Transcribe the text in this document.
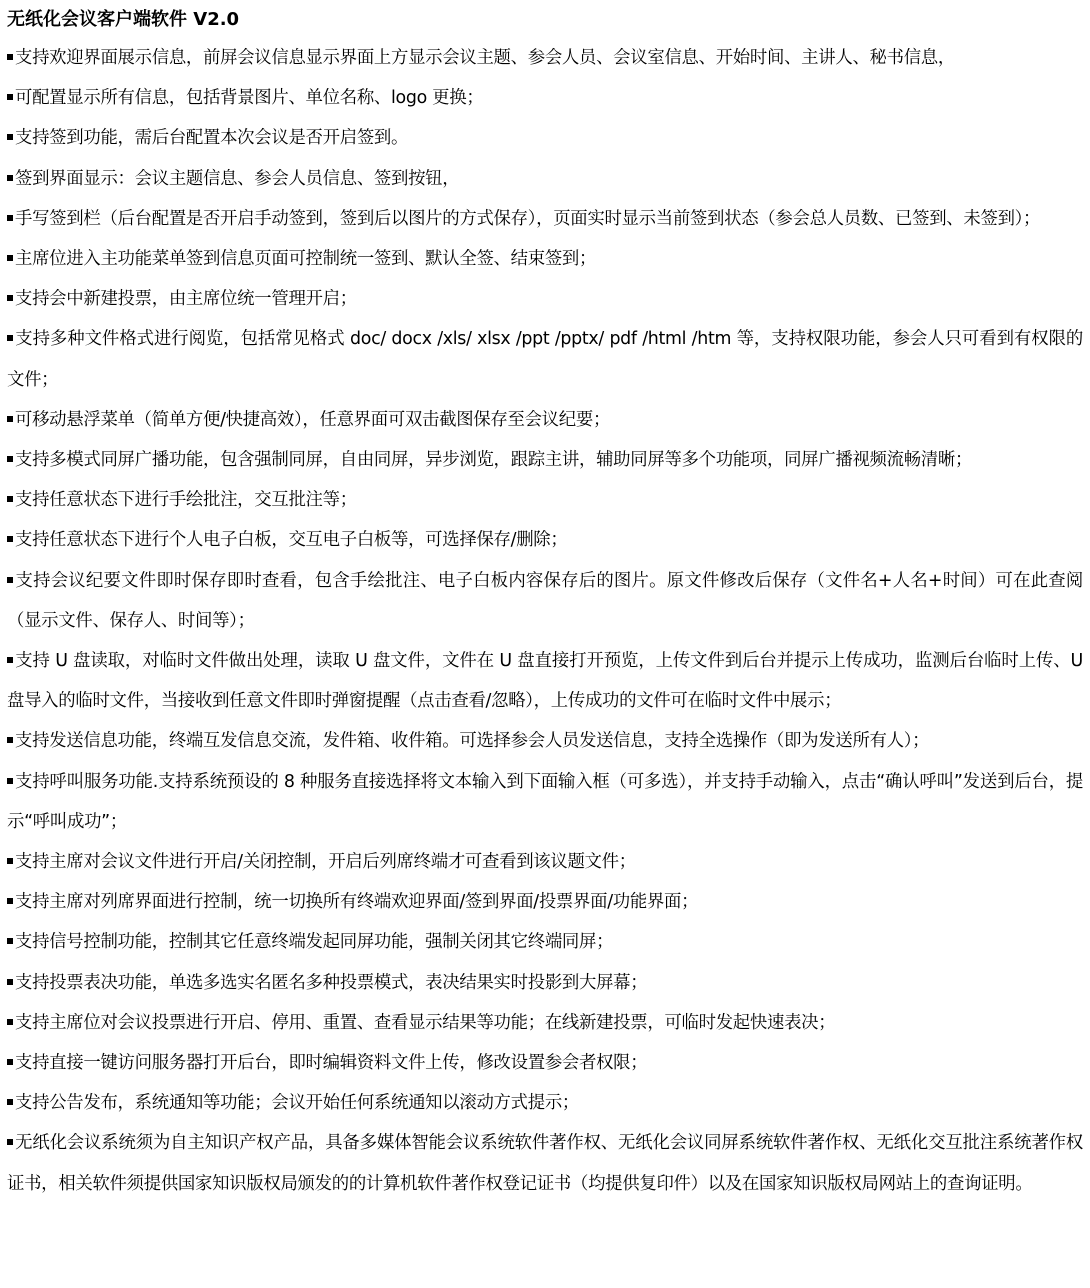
无纸化会议客户端软件 V2.0
支持欢迎界面展示信息，前屏会议信息显示界面上方显示会议主题、参会人员、会议室信息、开始时间、主讲人、秘书信息，
可配置显示所有信息，包括背景图片、单位名称、logo 更换；
支持签到功能，需后台配置本次会议是否开启签到。
签到界面显示：会议主题信息、参会人员信息、签到按钮，
手写签到栏（后台配置是否开启手动签到，签到后以图片的方式保存），页面实时显示当前签到状态（参会总人员数、已签到、未签到）；
主席位进入主功能菜单签到信息页面可控制统一签到、默认全签、结束签到；
支持会中新建投票，由主席位统一管理开启；
支持多种文件格式进行阅览，包括常见格式 doc/ docx /xls/ xlsx /ppt /pptx/ pdf /html /htm 等，支持权限功能，参会人只可看到有权限的文件；
可移动悬浮菜单（简单方便/快捷高效），任意界面可双击截图保存至会议纪要；
支持多模式同屏广播功能，包含强制同屏，自由同屏，异步浏览，跟踪主讲，辅助同屏等多个功能项，同屏广播视频流畅清晰；
支持任意状态下进行手绘批注，交互批注等；
支持任意状态下进行个人电子白板，交互电子白板等，可选择保存/删除；
支持会议纪要文件即时保存即时查看，包含手绘批注、电子白板内容保存后的图片。原文件修改后保存（文件名+人名+时间）可在此查阅（显示文件、保存人、时间等）；
支持 U 盘读取，对临时文件做出处理，读取 U 盘文件，文件在 U 盘直接打开预览，上传文件到后台并提示上传成功，监测后台临时上传、U 盘导入的临时文件，当接收到任意文件即时弹窗提醒（点击查看/忽略），上传成功的文件可在临时文件中展示；
支持发送信息功能，终端互发信息交流，发件箱、收件箱。可选择参会人员发送信息，支持全选操作（即为发送所有人）；
支持呼叫服务功能.支持系统预设的 8 种服务直接选择将文本输入到下面输入框（可多选），并支持手动输入，点击“确认呼叫”发送到后台，提示“呼叫成功”；
支持主席对会议文件进行开启/关闭控制，开启后列席终端才可查看到该议题文件；
支持主席对列席界面进行控制，统一切换所有终端欢迎界面/签到界面/投票界面/功能界面；
支持信号控制功能，控制其它任意终端发起同屏功能，强制关闭其它终端同屏；
支持投票表决功能，单选多选实名匿名多种投票模式，表决结果实时投影到大屏幕；
支持主席位对会议投票进行开启、停用、重置、查看显示结果等功能；在线新建投票，可临时发起快速表决；
支持直接一键访问服务器打开后台，即时编辑资料文件上传，修改设置参会者权限；
支持公告发布，系统通知等功能；会议开始任何系统通知以滚动方式提示；
无纸化会议系统须为自主知识产权产品，具备多媒体智能会议系统软件著作权、无纸化会议同屏系统软件著作权、无纸化交互批注系统著作权证书，相关软件须提供国家知识版权局颁发的的计算机软件著作权登记证书（均提供复印件）以及在国家知识版权局网站上的查询证明。
